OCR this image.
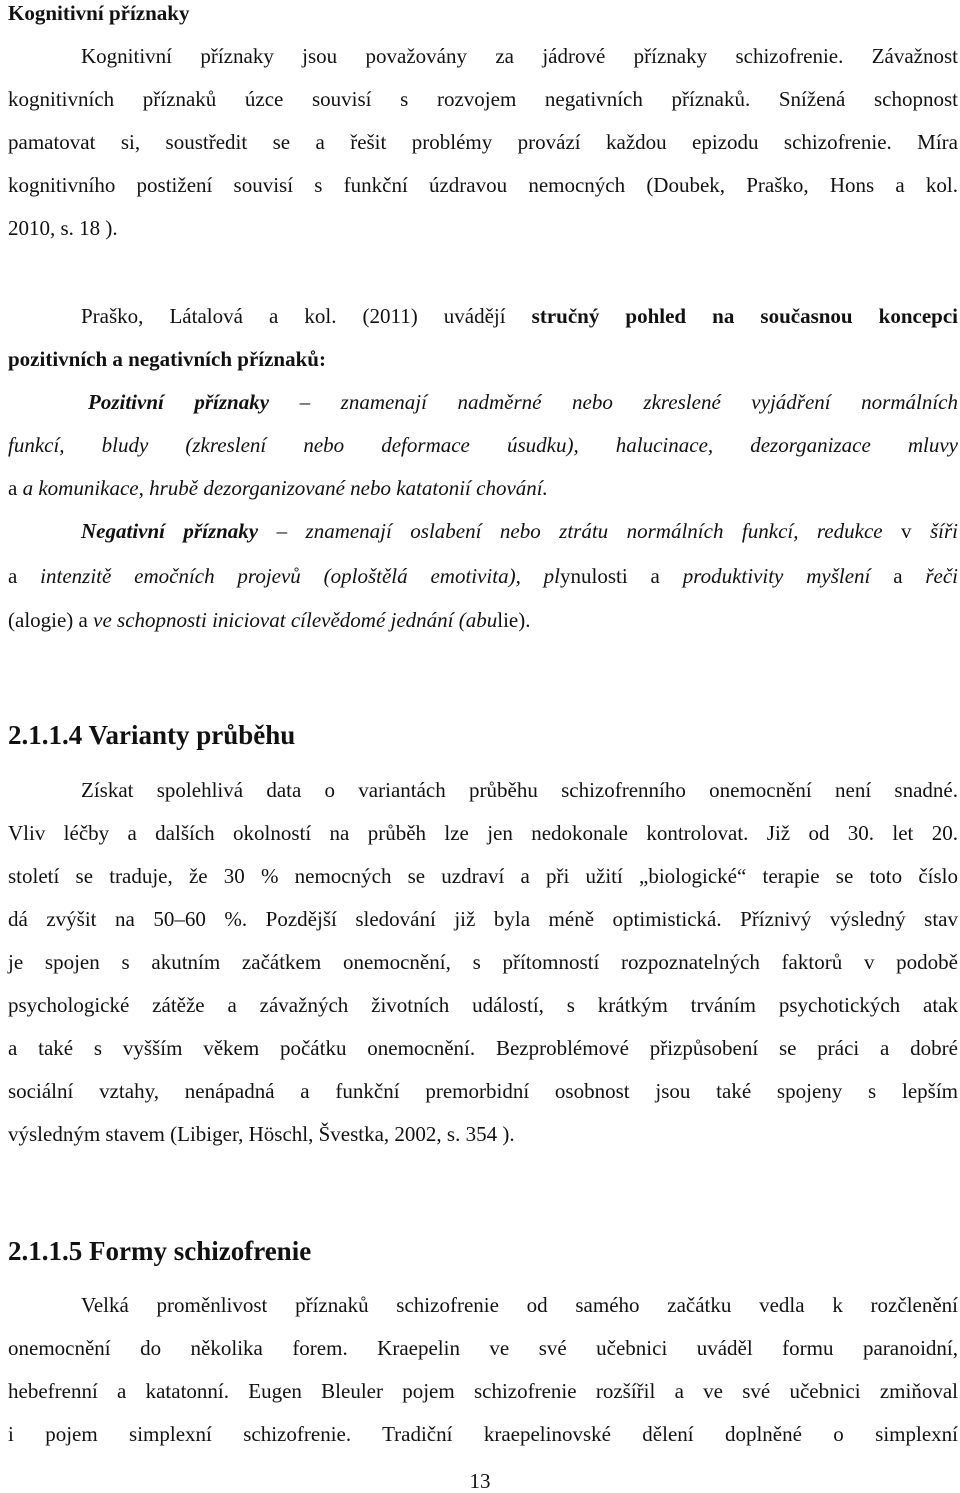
Kognitivní příznaky
Kognitivní příznaky jsou považovány za jádrové příznaky schizofrenie. Závažnost
kognitivních příznaků úzce souvisí s rozvojem negativních příznaků. Snížená schopnost
pamatovat si, soustředit se a řešit problémy provází každou epizodu schizofrenie. Míra
kognitivního postižení souvisí s funkční úzdravou nemocných (Doubek, Praško, Hons a kol.
2010, s. 18 ).
Praško, Látalová a kol. (2011) uvádějí stručný pohled na současnou koncepci
pozitivních a negativních příznaků:
Pozitivní příznaky – znamenají nadměrné nebo zkreslené vyjádření normálních
funkcí, bludy (zkreslení nebo deformace úsudku), halucinace, dezorganizace mluvy
a a komunikace, hrubě dezorganizované nebo katatonií chování.
Negativní příznaky – znamenají oslabení nebo ztrátu normálních funkcí, redukce v šíři
a intenzitě emočních projevů (oploštělá emotivita), plynulosti a produktivity myšlení a řeči
(alogie) a ve schopnosti iniciovat cílevědomé jednání (abulie).
2.1.1.4 Varianty průběhu
Získat spolehlivá data o variantách průběhu schizofrenního onemocnění není snadné.
Vliv léčby a dalších okolností na průběh lze jen nedokonale kontrolovat. Již od 30. let 20.
století se traduje, že 30 % nemocných se uzdraví a při užití „biologické“ terapie se toto číslo
dá zvýšit na 50–60 %. Pozdější sledování již byla méně optimistická. Příznivý výsledný stav
je spojen s akutním začátkem onemocnění, s přítomností rozpoznatelných faktorů v podobě
psychologické zátěže a závažných životních událostí, s krátkým trváním psychotických atak
a také s vyšším věkem počátku onemocnění. Bezproblémové přizpůsobení se práci a dobré
sociální vztahy, nenápadná a funkční premorbidní osobnost jsou také spojeny s lepším
výsledným stavem (Libiger, Höschl, Švestka, 2002, s. 354 ).
2.1.1.5 Formy schizofrenie
Velká proměnlivost příznaků schizofrenie od samého začátku vedla k rozčlenění
onemocnění do několika forem. Kraepelin ve své učebnici uváděl formu paranoidní,
hebefrenní a katatonní. Eugen Bleuler pojem schizofrenie rozšířil a ve své učebnici zmiňoval
i pojem simplexní schizofrenie. Tradiční kraepelinovské dělení doplněné o simplexní
13
